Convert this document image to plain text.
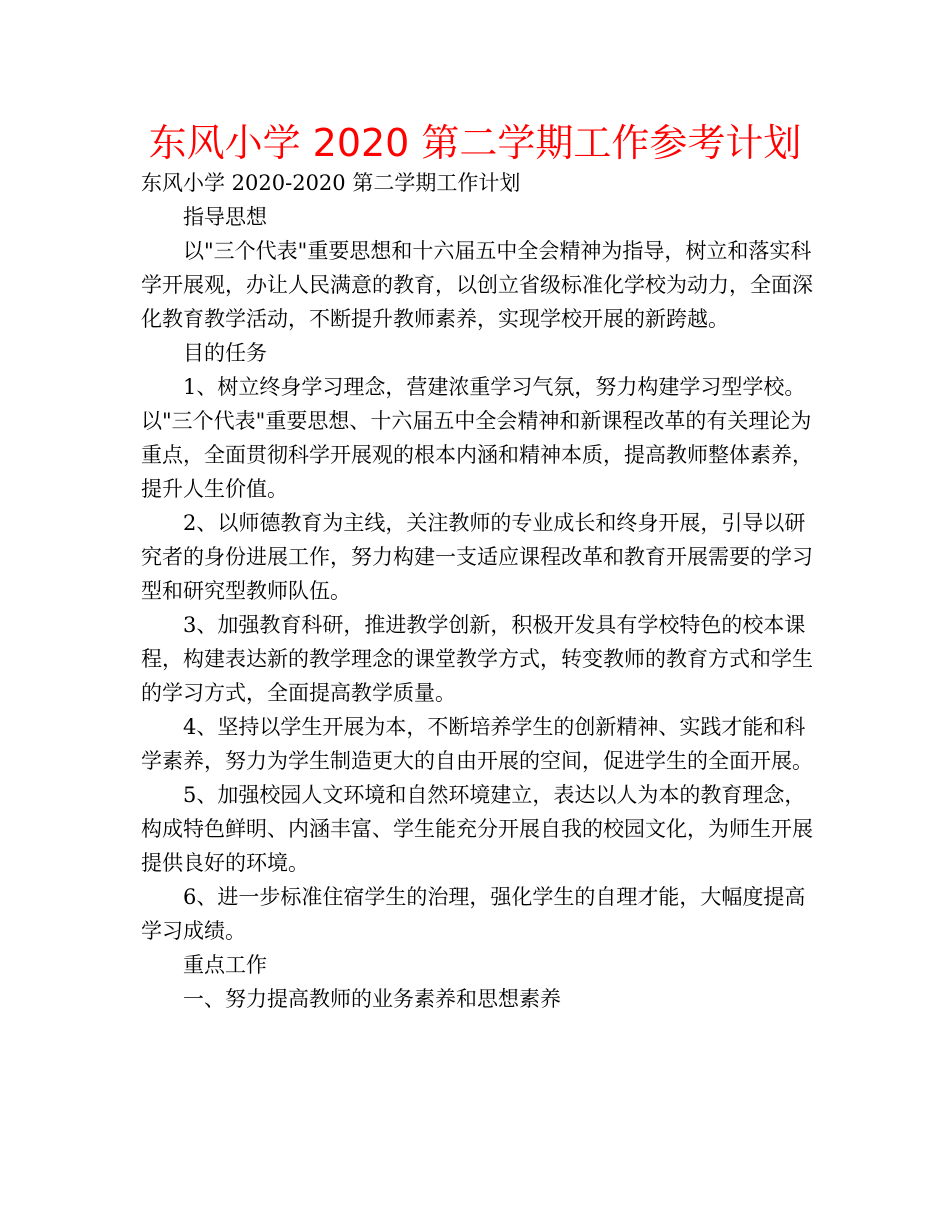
东风小学 2020 第二学期工作参考计划

东风小学 2020-2020 第二学期工作计划

指导思想

以"三个代表"重要思想和十六届五中全会精神为指导，树立和落实科学开展观，办让人民满意的教育，以创立省级标准化学校为动力，全面深化教育教学活动，不断提升教师素养，实现学校开展的新跨越。

目的任务

1、树立终身学习理念，营建浓重学习气氛，努力构建学习型学校。以"三个代表"重要思想、十六届五中全会精神和新课程改革的有关理论为重点，全面贯彻科学开展观的根本内涵和精神本质，提高教师整体素养，提升人生价值。

2、以师德教育为主线，关注教师的专业成长和终身开展，引导以研究者的身份进展工作，努力构建一支适应课程改革和教育开展需要的学习型和研究型教师队伍。

3、加强教育科研，推进教学创新，积极开发具有学校特色的校本课程，构建表达新的教学理念的课堂教学方式，转变教师的教育方式和学生的学习方式，全面提高教学质量。

4、坚持以学生开展为本，不断培养学生的创新精神、实践才能和科学素养，努力为学生制造更大的自由开展的空间，促进学生的全面开展。

5、加强校园人文环境和自然环境建立，表达以人为本的教育理念，构成特色鲜明、内涵丰富、学生能充分开展自我的校园文化，为师生开展提供良好的环境。

6、进一步标准住宿学生的治理，强化学生的自理才能，大幅度提高学习成绩。

重点工作

一、努力提高教师的业务素养和思想素养
